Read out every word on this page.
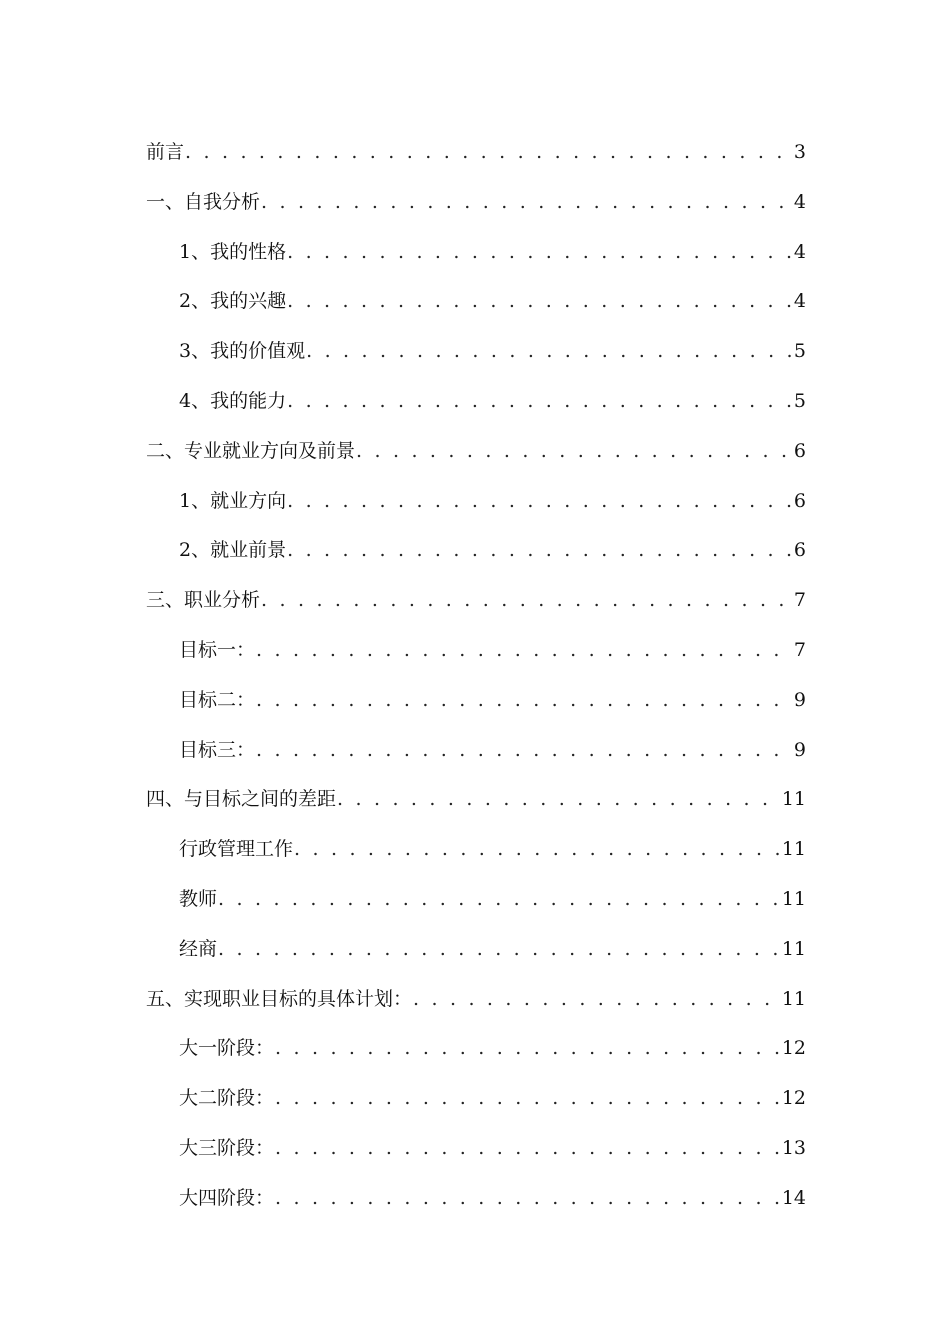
前言 . . .	3
一、自我分析 . . .	4
1、我的性格 . . .	4
2、我的兴趣 . . .	4
3、我的价值观 . . .	5
4、我的能力 . . .	5
二、专业就业方向及前景 . . .	6
1、就业方向 . . .	6
2、就业前景 . . .	6
三、职业分析 . . .	7
目标一： . . .	7
目标二： . . .	9
目标三： . . .	9
四、与目标之间的差距 . . .	11
行政管理工作 . . .	11
教师 . . .	11
经商 . . .	11
五、实现职业目标的具体计划： . . .	11
大一阶段： . . .	12
大二阶段： . . .	12
大三阶段： . . .	13
大四阶段： . . .	14
